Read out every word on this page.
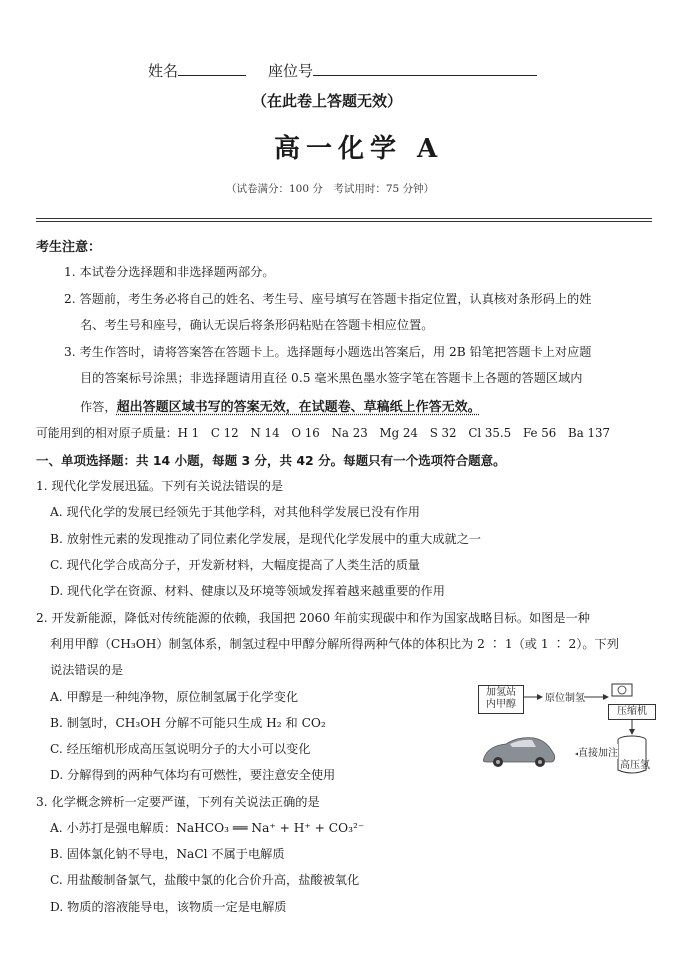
姓名	座位号
（在此卷上答题无效）
高一化学 A
（试卷满分：100 分　考试用时：75 分钟）
考生注意：
1. 本试卷分选择题和非选择题两部分。
2. 答题前，考生务必将自己的姓名、考生号、座号填写在答题卡指定位置，认真核对条形码上的姓
名、考生号和座号，确认无误后将条形码粘贴在答题卡相应位置。
3. 考生作答时，请将答案答在答题卡上。选择题每小题选出答案后，用 2B 铅笔把答题卡上对应题
目的答案标号涂黑；非选择题请用直径 0.5 毫米黑色墨水签字笔在答题卡上各题的答题区域内
作答，超出答题区域书写的答案无效，在试题卷、草稿纸上作答无效。
可能用到的相对原子质量：H 1　C 12　N 14　O 16　Na 23　Mg 24　S 32　Cl 35.5　Fe 56　Ba 137
一、单项选择题：共 14 小题，每题 3 分，共 42 分。每题只有一个选项符合题意。
1. 现代化学发展迅猛。下列有关说法错误的是
A. 现代化学的发展已经领先于其他学科，对其他科学发展已没有作用
B. 放射性元素的发现推动了同位素化学发展，是现代化学发展中的重大成就之一
C. 现代化学合成高分子，开发新材料，大幅度提高了人类生活的质量
D. 现代化学在资源、材料、健康以及环境等领域发挥着越来越重要的作用
2. 开发新能源，降低对传统能源的依赖，我国把 2060 年前实现碳中和作为国家战略目标。如图是一种
利用甲醇（CH₃OH）制氢体系，制氢过程中甲醇分解所得两种气体的体积比为 2 ∶ 1（或 1 ∶ 2）。下列
说法错误的是
A. 甲醇是一种纯净物，原位制氢属于化学变化
B. 制氢时，CH₃OH 分解不可能只生成 H₂ 和 CO₂
C. 经压缩机形成高压氢说明分子的大小可以变化
D. 分解得到的两种气体均有可燃性，要注意安全使用
加氢站
内甲醇
原位制氢
压缩机
直接加注
高压氢
3. 化学概念辨析一定要严谨，下列有关说法正确的是
A. 小苏打是强电解质：NaHCO₃ ══ Na⁺ + H⁺ + CO₃²⁻
B. 固体氯化钠不导电，NaCl 不属于电解质
C. 用盐酸制备氯气，盐酸中氯的化合价升高，盐酸被氧化
D. 物质的溶液能导电，该物质一定是电解质
